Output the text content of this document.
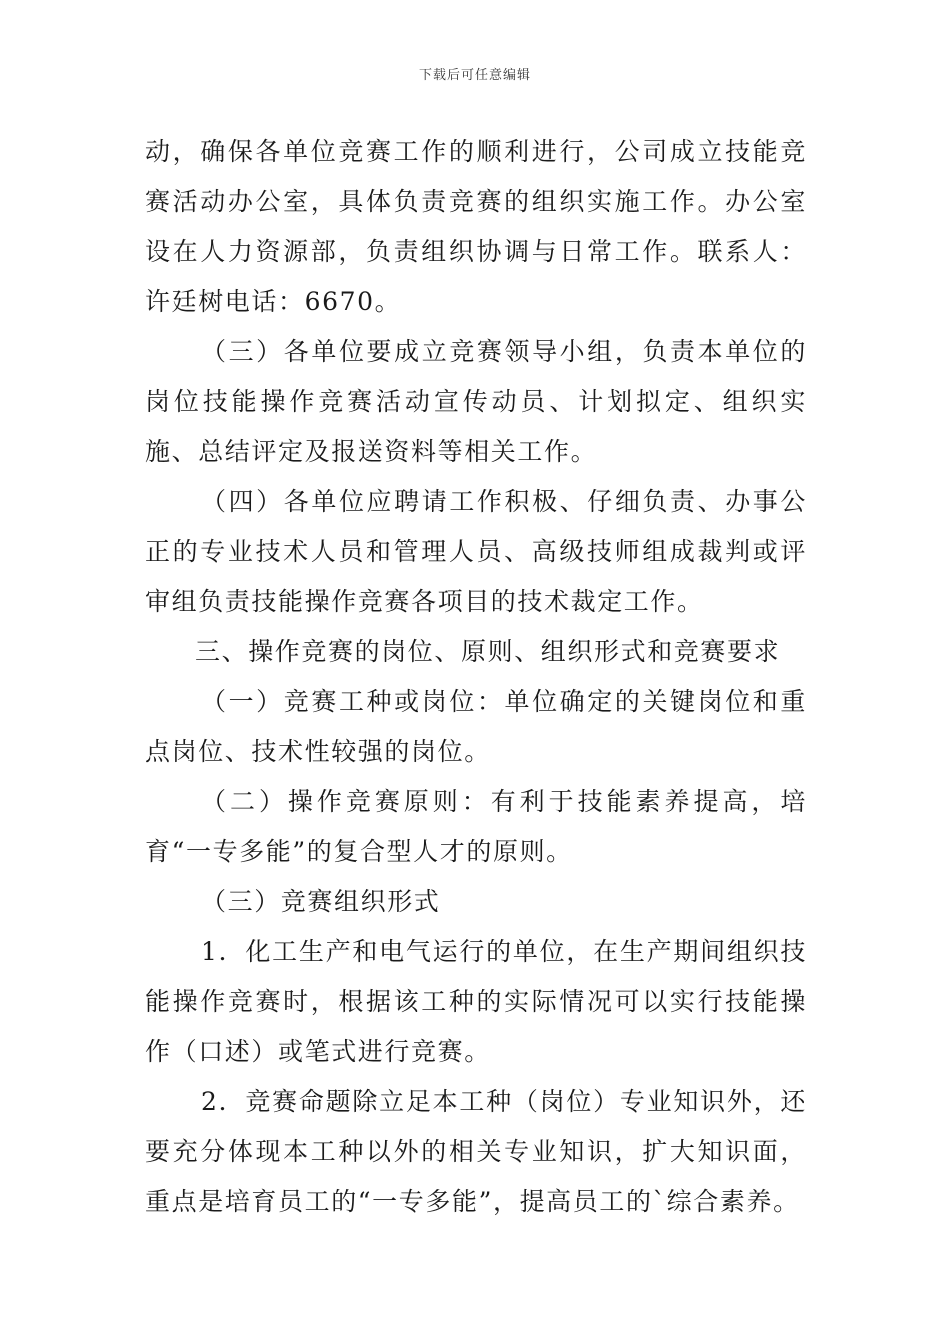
下载后可任意编辑

动，确保各单位竞赛工作的顺利进行，公司成立技能竞赛活动办公室，具体负责竞赛的组织实施工作。办公室设在人力资源部，负责组织协调与日常工作。联系人：许廷树电话：6670。

（三）各单位要成立竞赛领导小组，负责本单位的岗位技能操作竞赛活动宣传动员、计划拟定、组织实施、总结评定及报送资料等相关工作。

（四）各单位应聘请工作积极、仔细负责、办事公正的专业技术人员和管理人员、高级技师组成裁判或评审组负责技能操作竞赛各项目的技术裁定工作。

三、操作竞赛的岗位、原则、组织形式和竞赛要求

（一）竞赛工种或岗位：单位确定的关键岗位和重点岗位、技术性较强的岗位。

（二）操作竞赛原则：有利于技能素养提高，培育“一专多能”的复合型人才的原则。

（三）竞赛组织形式

1．化工生产和电气运行的单位，在生产期间组织技能操作竞赛时，根据该工种的实际情况可以实行技能操作（口述）或笔式进行竞赛。

2．竞赛命题除立足本工种（岗位）专业知识外，还要充分体现本工种以外的相关专业知识，扩大知识面，重点是培育员工的“一专多能”，提高员工的`综合素养。
